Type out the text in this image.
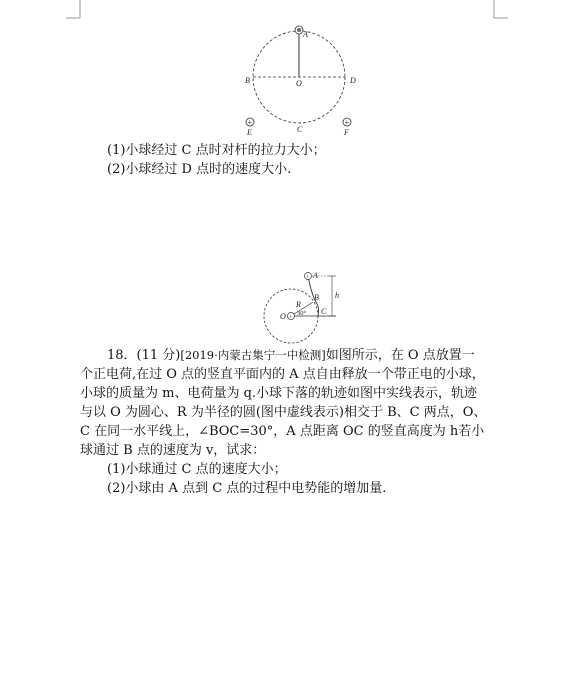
+	+
A
B	O	D
E	C	F
(1)小球经过 C 点时对杆的拉力大小；
(2)小球经过 D 点时的速度大小.
+
+
A
B
R
30°
O
C
h
18．(11 分)[2019·内蒙古集宁一中检测]如图所示，在 O 点放置一
个正电荷,在过 O 点的竖直平面内的 A 点自由释放一个带正电的小球，
小球的质量为 m、电荷量为 q.小球下落的轨迹如图中实线表示，轨迹
与以 O 为圆心、R 为半径的圆(图中虚线表示)相交于 B、C 两点，O、
C 在同一水平线上，∠BOC=30°，A 点距离 OC 的竖直高度为 h若小
球通过 B 点的速度为 v，试求：
(1)小球通过 C 点的速度大小；
(2)小球由 A 点到 C 点的过程中电势能的增加量.
